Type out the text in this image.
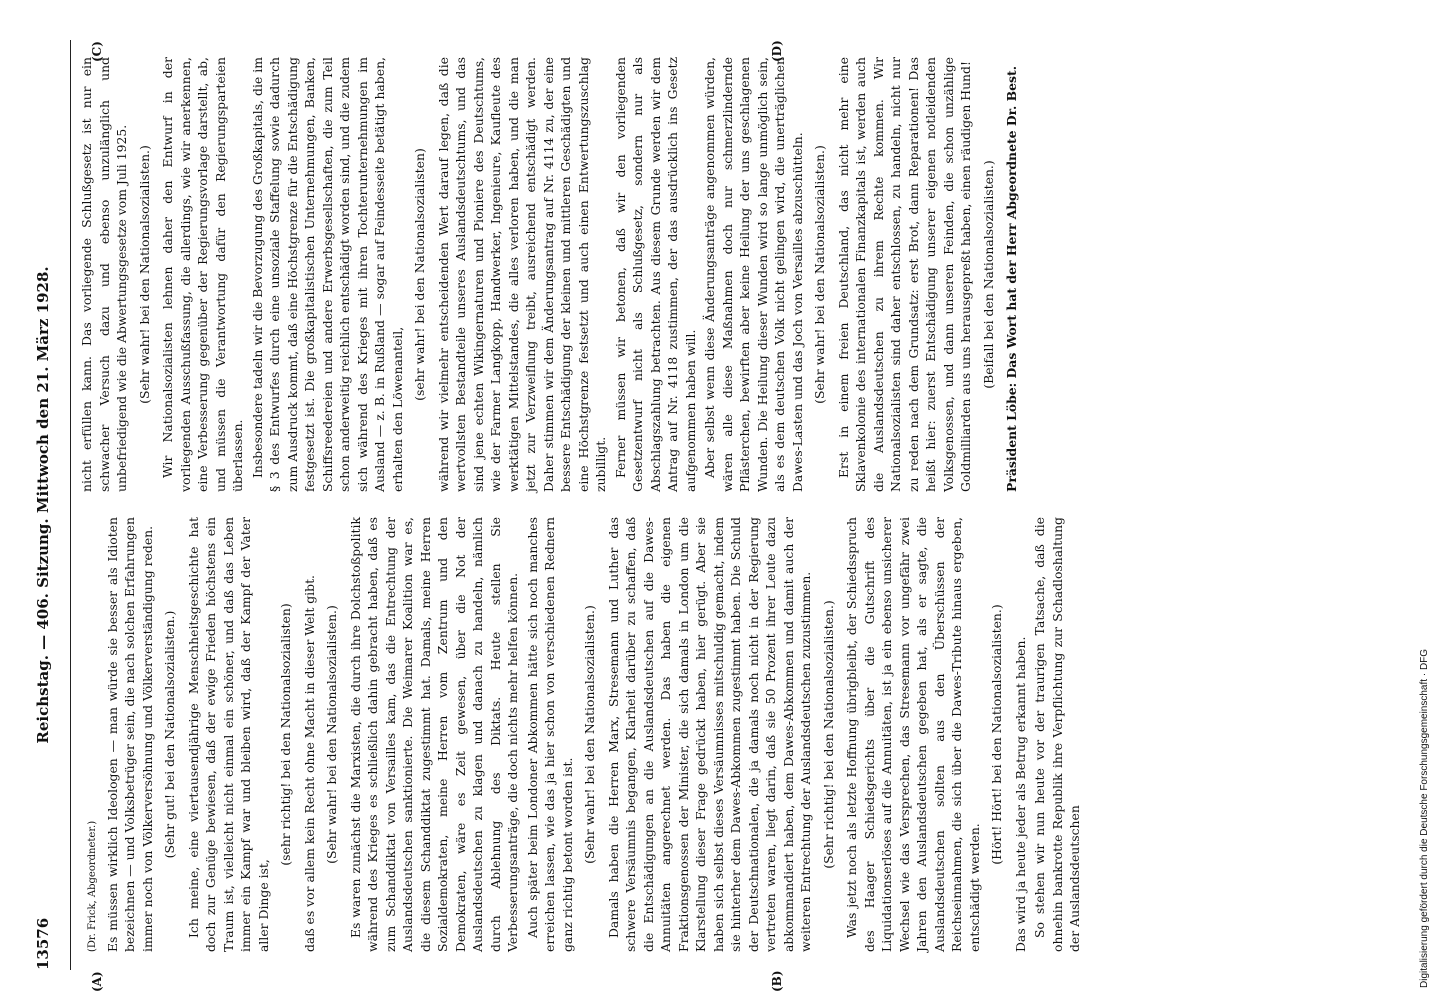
13576
Reichstag. — 406. Sitzung. Mittwoch den 21. März 1928.
(A)	(B)
(C)	(D)

(Dr. Frick, Abgeordneter.) Es müssen wirklich Ideologen — man würde sie besser als Idioten bezeichnen — und Volksbetrüger sein, die nach solchen Erfahrungen immer noch von Völkerversöhnung und Völkerverständigung reden. (Sehr gut! bei den Nationalsozialisten.) Ich meine, eine viertausendjährige Menschheitsgeschichte hat doch zur Genüge bewiesen, daß der ewige Frieden höchstens ein Traum ist, vielleicht nicht einmal ein schöner, und daß das Leben immer ein Kampf war und bleiben wird, daß der Kampf der Vater aller Dinge ist,

(sehr richtig! bei den Nationalsozialisten) daß es vor allem kein Recht ohne Macht in dieser Welt gibt. (Sehr wahr! bei den Nationalsozialisten.) Es waren zunächst die Marxisten, die durch ihre Dolchstoßpolitik während des Krieges es schließlich dahin gebracht haben, daß es zum Schanddiktat von Versailles kam, das die Entrechtung der Auslandsdeutschen sanktionierte. Die Weimarer Koalition war es, die diesem Schanddiktat zugestimmt hat. Damals, meine Herren Sozialdemokraten, meine Herren vom Zentrum und den Demokraten, wäre es Zeit gewesen, über die Not der Auslandsdeutschen zu klagen und danach zu handeln, nämlich durch Ablehnung des Diktats. Heute stellen Sie Verbesserungsanträge, die doch nichts mehr helfen können. Auch später beim Londoner Abkommen hätte sich noch manches erreichen lassen, wie das ja hier schon von verschiedenen Rednern ganz richtig betont worden ist. (Sehr wahr! bei den Nationalsozialisten.) Damals haben die Herren Marx, Stresemann und Luther das schwere Versäumnis begangen, Klarheit darüber zu schaffen, daß die Entschädigungen an die Auslandsdeutschen auf die Dawes-Annuitäten angerechnet werden. Das haben die eigenen Fraktionsgenossen der Minister, die sich damals in London um die Klarstellung dieser Frage gedrückt haben, hier gerügt. Aber sie haben sich selbst dieses Versäumnisses mitschuldig gemacht, indem sie hinterher dem Dawes-Abkommen zugestimmt haben. Die Schuld der Deutschnationalen, die ja damals noch nicht in der Regierung vertreten waren, liegt darin, daß sie 50 Prozent ihrer Leute dazu abkommandiert haben, dem Dawes-Abkommen und damit auch der weiteren Entrechtung der Auslandsdeutschen zuzustimmen. (Sehr richtig! bei den Nationalsozialisten.) Was jetzt noch als letzte Hoffnung übrigbleibt, der Schiedsspruch des Haager Schiedsgerichts über die Gutschrift des Liquidationserlöses auf die Annuitäten, ist ja ein ebenso unsicherer Wechsel wie das Versprechen, das Stresemann vor ungefähr zwei Jahren den Auslandsdeutschen gegeben hat, als er sagte, die Auslandsdeutschen sollten aus den Überschüssen der Reichseinnahmen, die sich über die Dawes-Tribute hinaus ergeben, entschädigt werden.

(Hört! Hört! bei den Nationalsozialisten.) Das wird ja heute jeder als Betrug erkannt haben. So stehen wir nun heute vor der traurigen Tatsache, daß die ohnehin bankrotte Republik ihre Verpflichtung zur Schadloshaltung der Auslandsdeutschen

nicht erfüllen kann. Das vorliegende Schlußgesetz ist nur ein schwacher Versuch dazu und ebenso unzulänglich und unbefriedigend wie die Abwertungsgesetze vom Juli 1925. (Sehr wahr! bei den Nationalsozialisten.) Wir Nationalsozialisten lehnen daher den Entwurf in der vorliegenden Ausschußfassung, die allerdings, wie wir anerkennen, eine Verbesserung gegenüber der Regierungsvorlage darstellt, ab, und müssen die Verantwortung dafür den Regierungsparteien überlassen. Insbesondere tadeln wir die Bevorzugung des Großkapitals, die im § 3 des Entwurfes durch eine unsoziale Staffelung sowie dadurch zum Ausdruck kommt, daß eine Höchstgrenze für die Entschädigung festgesetzt ist. Die großkapitalistischen Unternehmungen, Banken, Schiffsreedereien und andere Erwerbsgesellschaften, die zum Teil schon anderweitig reichlich entschädigt worden sind, und die zudem sich während des Krieges mit ihren Tochterunternehmungen im Ausland — z. B. in Rußland — sogar auf Feindesseite betätigt haben, erhalten den Löwenanteil,

(sehr wahr! bei den Nationalsozialisten) während wir vielmehr entscheidenden Wert darauf legen, daß die wertvollsten Bestandteile unseres Auslandsdeutschtums, und das sind jene echten Wikingernaturen und Pioniere des Deutschtums, wie der Farmer Langkopp, Handwerker, Ingenieure, Kaufleute des werktätigen Mittelstandes, die alles verloren haben, und die man jetzt zur Verzweiflung treibt, ausreichend entschädigt werden. Daher stimmen wir dem Änderungsantrag auf Nr. 4114 zu, der eine bessere Entschädigung der kleinen und mittleren Geschädigten und eine Höchstgrenze festsetzt und auch einen Entwertungszuschlag zubilligt. Ferner müssen wir betonen, daß wir den vorliegenden Gesetzentwurf nicht als Schlußgesetz, sondern nur als Abschlagszahlung betrachten. Aus diesem Grunde werden wir dem Antrag auf Nr. 4118 zustimmen, der das ausdrücklich ins Gesetz aufgenommen haben will. Aber selbst wenn diese Änderungsanträge angenommen würden, wären alle diese Maßnahmen doch nur schmerzlindernde Pflästerchen, bewirften aber keine Heilung der uns geschlagenen Wunden. Die Heilung dieser Wunden wird so lange unmöglich sein, als es dem deutschen Volk nicht gelingen wird, die unerträglichen Dawes-Lasten und das Joch von Versailles abzuschütteln. (Sehr wahr! bei den Nationalsozialisten.) Erst in einem freien Deutschland, das nicht mehr eine Sklavenkolonie des internationalen Finanzkapitals ist, werden auch die Auslandsdeutschen zu ihrem Rechte kommen. Wir Nationalsozialisten sind daher entschlossen, zu handeln, nicht nur zu reden nach dem Grundsatz: erst Brot, dann Reparationen! Das heißt hier: zuerst Entschädigung unserer eigenen notleidenden Volksgenossen, und dann unseren Feinden, die schon unzählige Goldmilliarden aus uns herausgepreßt haben, einen räudigen Hund! (Beifall bei den Nationalsozialisten.) Präsident Löbe: Das Wort hat der Herr Abgeordnete Dr. Best.

Digitalisierung gefördert durch die Deutsche Forschungsgemeinschaft · DFG
